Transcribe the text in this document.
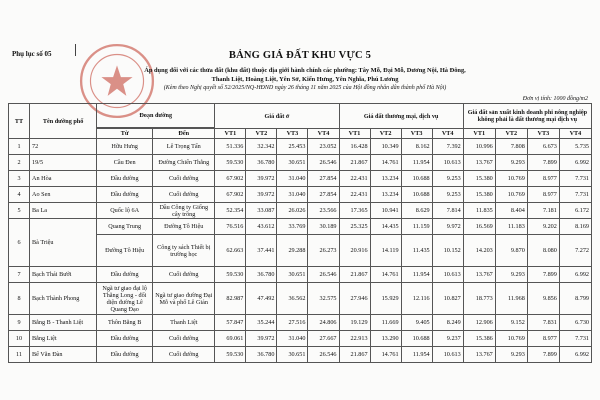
Phụ lục số 05	BẢNG GIÁ ĐẤT KHU VỰC 5
Áp dụng đối với các thửa đất (khu đất) thuộc địa giới hành chính các phường: Tây Mỗ, Đại Mỗ, Dương Nội, Hà Đông,
Thanh Liệt, Hoàng Liệt, Yên Sở, Kiến Hưng, Yên Nghĩa, Phú Lương
(Kèm theo Nghị quyết số 52/2025/NQ-HĐND ngày 26 tháng 11 năm 2025 của Hội đồng nhân dân thành phố Hà Nội)
Đơn vị tính: 1000 đồng/m2
TT	Tên đường phố	Đoạn đường		Giá đất ở				Giá đất thương mại, dịch vụ				Giá đất sản xuất kinh doanh phi nông nghiệp không phải là đất thương mại dịch vụ			

		Từ	Đến	VT1	VT2	VT3	VT4	VT1	VT2	VT3	VT4	VT1	VT2	VT3	VT4
1	72	Hữu Hưng	Lê Trọng Tấn	51.336	32.342	25.453	23.052	16.428	10.349	8.162	7.392	10.996	7.808	6.673	5.735
2	19/5	Cầu Đen	Đường Chiến Thắng	59.530	36.780	30.651	26.546	21.867	14.761	11.954	10.613	13.767	9.293	7.899	6.992
3	An Hòa	Đầu đường	Cuối đường	67.902	39.972	31.040	27.854	22.431	13.234	10.688	9.253	15.380	10.769	8.977	7.731
4	Ao Sen	Đầu đường	Cuối đường	67.902	39.972	31.040	27.854	22.431	13.234	10.688	9.253	15.380	10.769	8.977	7.731
5	Ba La	Quốc lộ 6A	Dầu Công ty Giống cây trồng	52.354	33.087	26.026	23.566	17.365	10.941	8.629	7.814	11.835	8.404	7.181	6.172
6	Bà Triệu	Quang Trung	Đường Tô Hiệu	76.516	43.612	33.769	30.189	25.325	14.435	11.159	9.972	16.569	11.183	9.202	8.169
		Đường Tô Hiệu	Công ty sách Thiết bị trường học	62.663	37.441	29.288	26.273	20.916	14.119	11.435	10.152	14.203	9.870	8.080	7.272
7	Bạch Thái Bưởi	Đầu đường	Cuối đường	59.530	36.780	30.651	26.546	21.867	14.761	11.954	10.613	13.767	9.293	7.899	6.992
8	Bạch Thành Phong	Ngã tư giao đại lộ Thăng Long - đối diện đường Lê Quang Đạo	Ngã tư giao đường Đại Mỗ và phố Lê Giản	82.987	47.492	36.562	32.575	27.946	15.929	12.116	10.827	18.773	11.968	9.856	8.799
9	Bằng B - Thanh Liệt	Thôn Bằng B	Thanh Liệt	57.847	35.244	27.516	24.806	19.129	11.669	9.405	8.249	12.906	9.152	7.831	6.730
10	Bằng Liệt	Đầu đường	Cuối đường	69.061	39.972	31.040	27.667	22.913	13.290	10.688	9.237	15.386	10.769	8.977	7.731
11	Bế Văn Đàn	Đầu đường	Cuối đường	59.530	36.780	30.651	26.546	21.867	14.761	11.954	10.613	13.767	9.293	7.899	6.992
